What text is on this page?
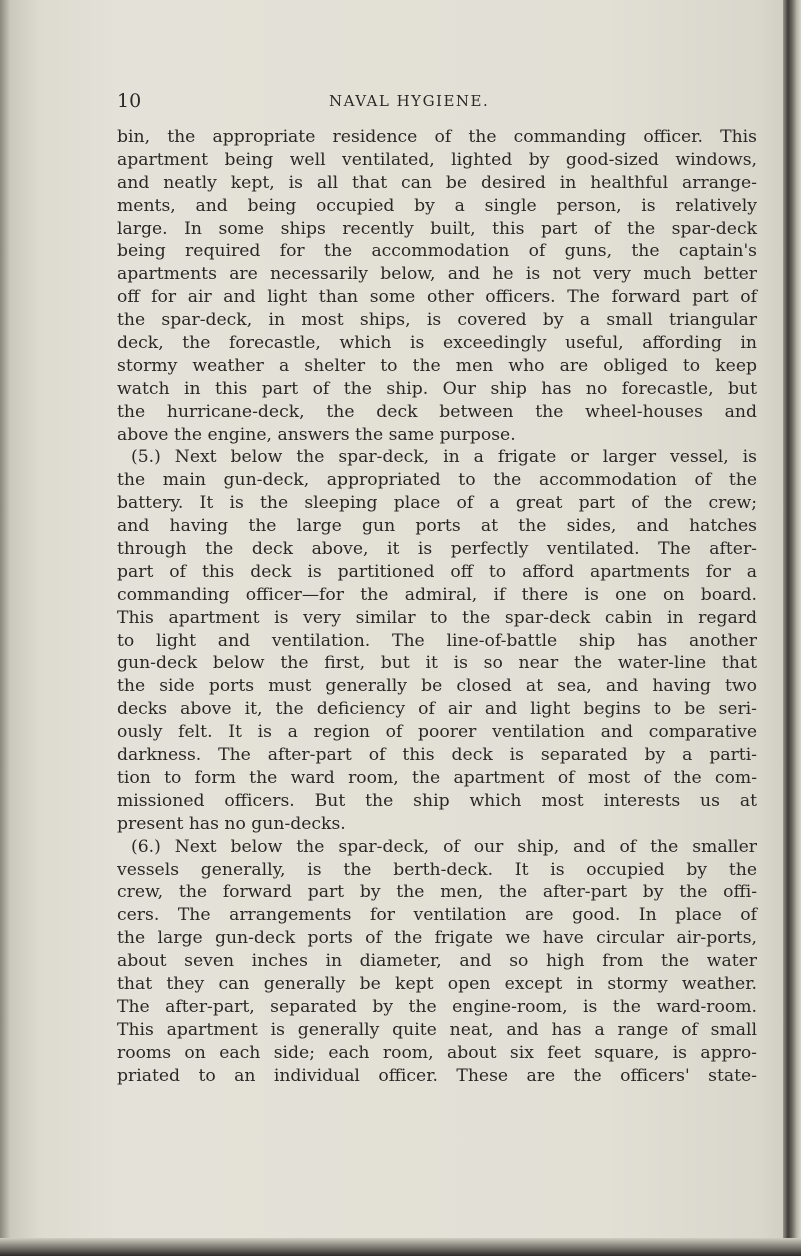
10	NAVAL HYGIENE.
bin, the appropriate residence of the commanding officer. This
apartment being well ventilated, lighted by good-sized windows,
and neatly kept, is all that can be desired in healthful arrange-
ments, and being occupied by a single person, is relatively
large. In some ships recently built, this part of the spar-deck
being required for the accommodation of guns, the captain's
apartments are necessarily below, and he is not very much better
off for air and light than some other officers. The forward part of
the spar-deck, in most ships, is covered by a small triangular
deck, the forecastle, which is exceedingly useful, affording in
stormy weather a shelter to the men who are obliged to keep
watch in this part of the ship. Our ship has no forecastle, but
the hurricane-deck, the deck between the wheel-houses and
above the engine, answers the same purpose.
(5.) Next below the spar-deck, in a frigate or larger vessel, is
the main gun-deck, appropriated to the accommodation of the
battery. It is the sleeping place of a great part of the crew;
and having the large gun ports at the sides, and hatches
through the deck above, it is perfectly ventilated. The after-
part of this deck is partitioned off to afford apartments for a
commanding officer—for the admiral, if there is one on board.
This apartment is very similar to the spar-deck cabin in regard
to light and ventilation. The line-of-battle ship has another
gun-deck below the first, but it is so near the water-line that
the side ports must generally be closed at sea, and having two
decks above it, the deficiency of air and light begins to be seri-
ously felt. It is a region of poorer ventilation and comparative
darkness. The after-part of this deck is separated by a parti-
tion to form the ward room, the apartment of most of the com-
missioned officers. But the ship which most interests us at
present has no gun-decks.
(6.) Next below the spar-deck, of our ship, and of the smaller
vessels generally, is the berth-deck. It is occupied by the
crew, the forward part by the men, the after-part by the offi-
cers. The arrangements for ventilation are good. In place of
the large gun-deck ports of the frigate we have circular air-ports,
about seven inches in diameter, and so high from the water
that they can generally be kept open except in stormy weather.
The after-part, separated by the engine-room, is the ward-room.
This apartment is generally quite neat, and has a range of small
rooms on each side; each room, about six feet square, is appro-
priated to an individual officer. These are the officers' state-
